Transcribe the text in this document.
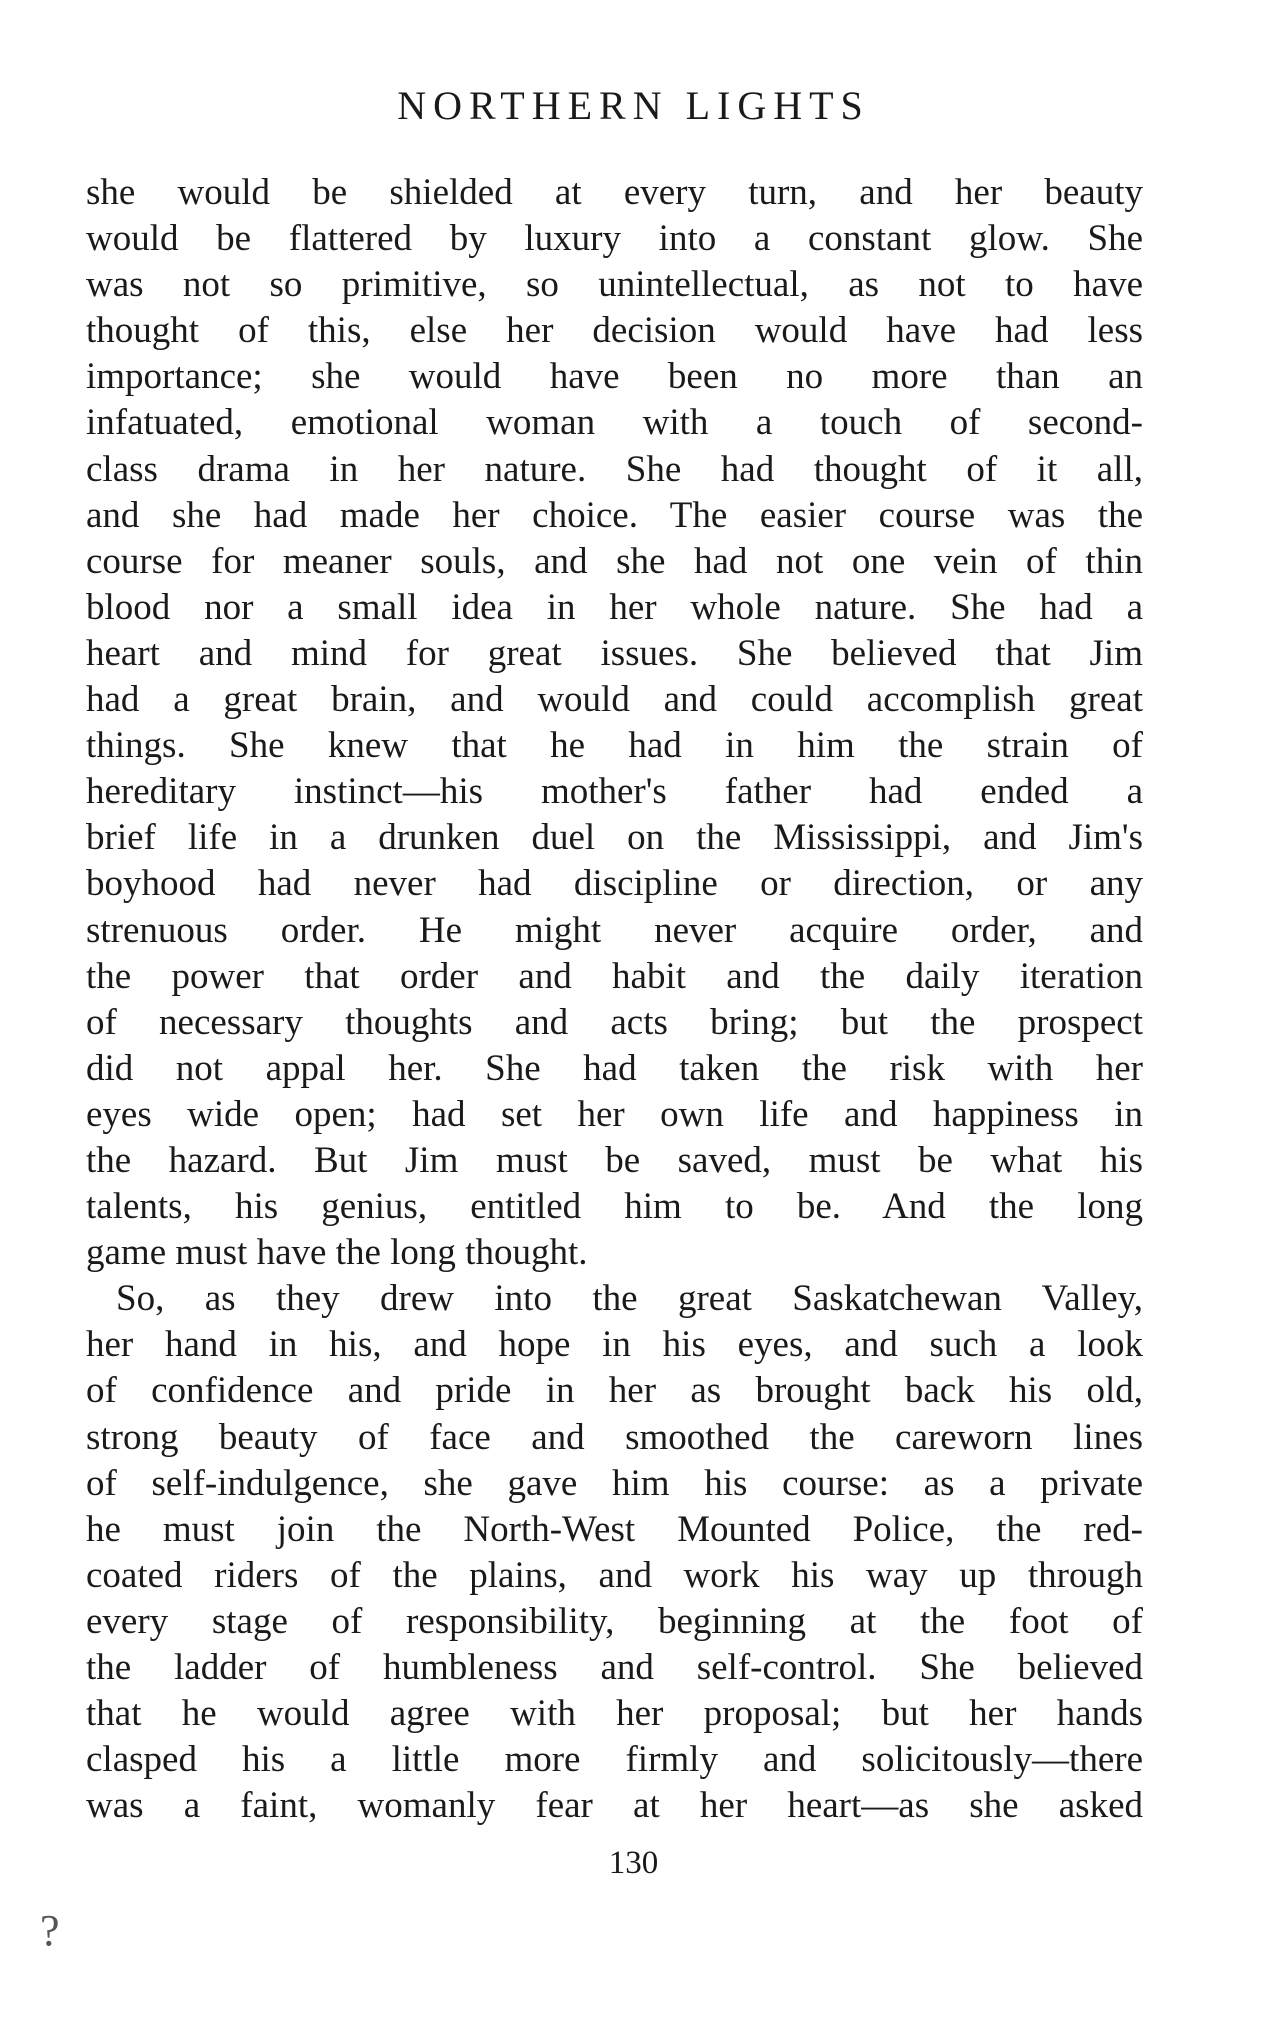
NORTHERN LIGHTS
she would be shielded at every turn, and her beauty
would be flattered by luxury into a constant glow. She
was not so primitive, so unintellectual, as not to have
thought of this, else her decision would have had less
importance; she would have been no more than an
infatuated, emotional woman with a touch of second-
class drama in her nature. She had thought of it all,
and she had made her choice. The easier course was the
course for meaner souls, and she had not one vein of thin
blood nor a small idea in her whole nature. She had a
heart and mind for great issues. She believed that Jim
had a great brain, and would and could accomplish great
things. She knew that he had in him the strain of
hereditary instinct—his mother's father had ended a
brief life in a drunken duel on the Mississippi, and Jim's
boyhood had never had discipline or direction, or any
strenuous order. He might never acquire order, and
the power that order and habit and the daily iteration
of necessary thoughts and acts bring; but the prospect
did not appal her. She had taken the risk with her
eyes wide open; had set her own life and happiness in
the hazard. But Jim must be saved, must be what his
talents, his genius, entitled him to be. And the long
game must have the long thought.
So, as they drew into the great Saskatchewan Valley,
her hand in his, and hope in his eyes, and such a look
of confidence and pride in her as brought back his old,
strong beauty of face and smoothed the careworn lines
of self-indulgence, she gave him his course: as a private
he must join the North-West Mounted Police, the red-
coated riders of the plains, and work his way up through
every stage of responsibility, beginning at the foot of
the ladder of humbleness and self-control. She believed
that he would agree with her proposal; but her hands
clasped his a little more firmly and solicitously—there
was a faint, womanly fear at her heart—as she asked
130
?
